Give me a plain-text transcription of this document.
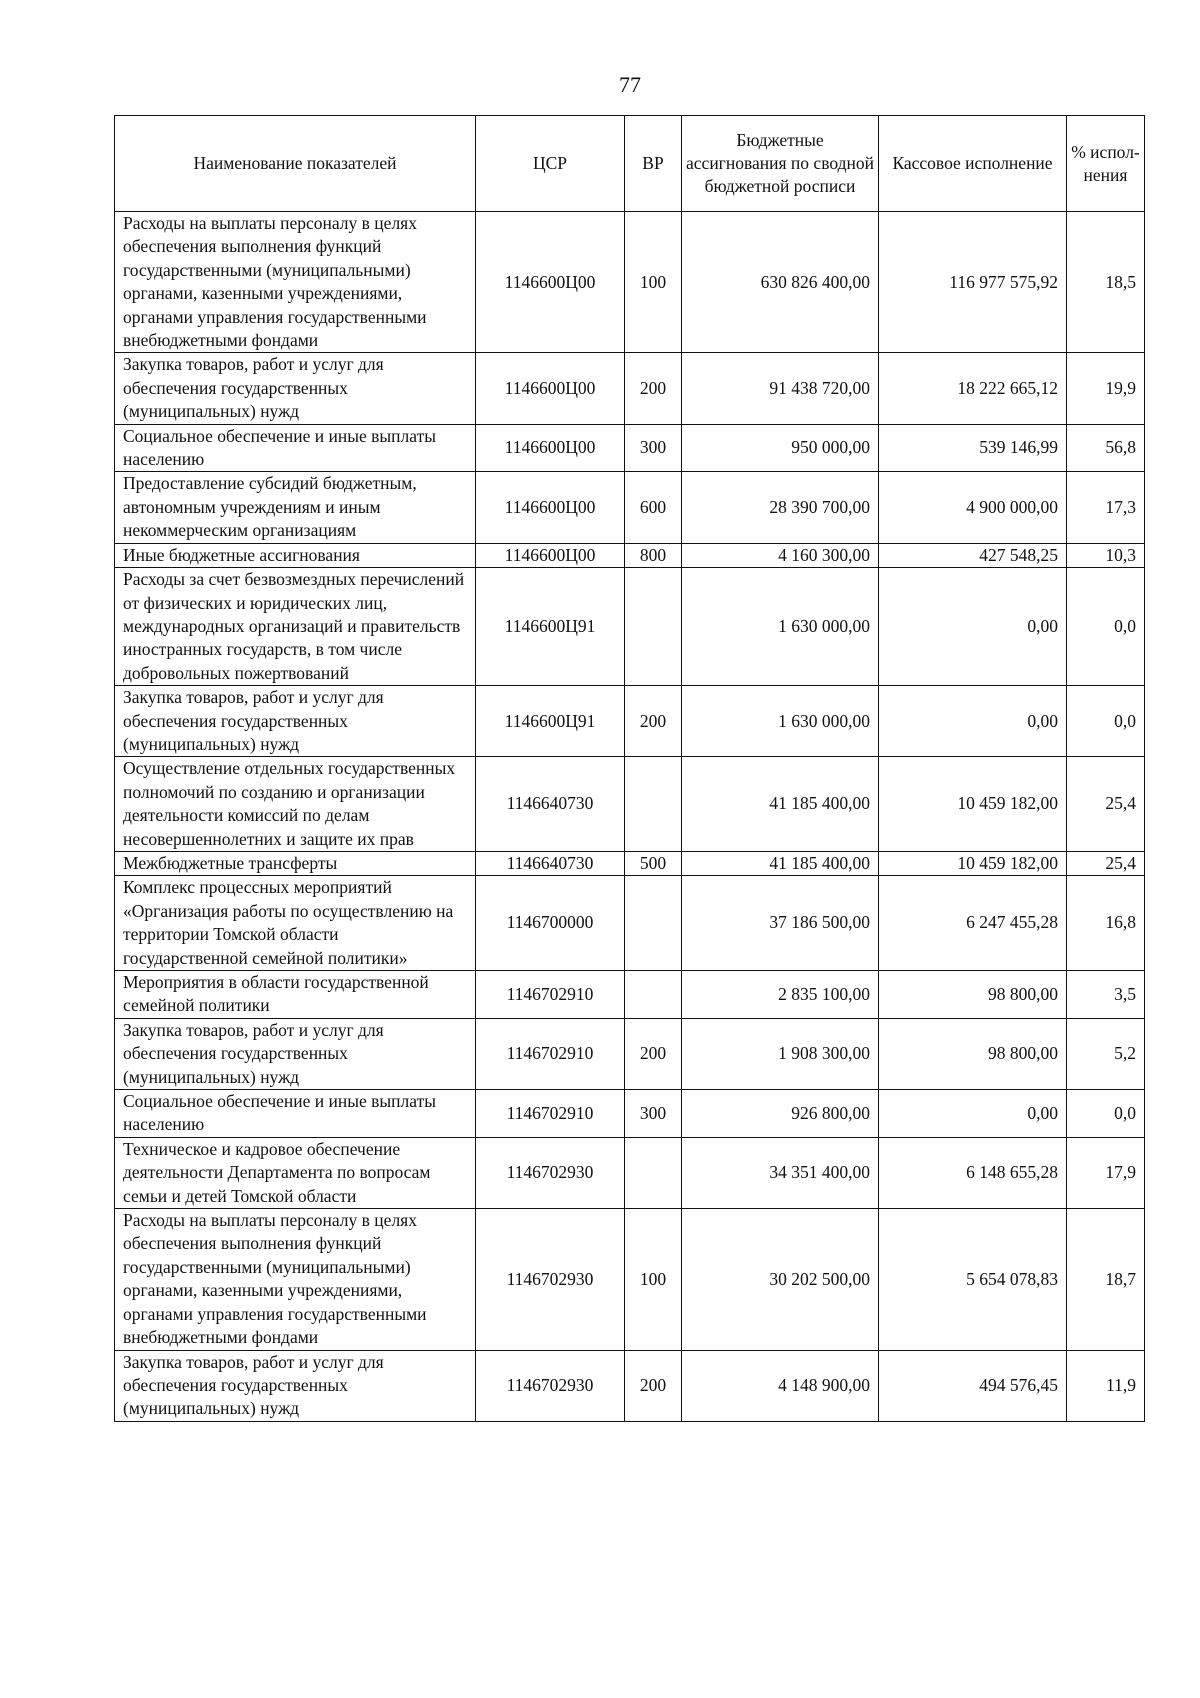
77
Наименование показателей	ЦСР	ВР	Бюджетные ассигнования по сводной бюджетной росписи	Кассовое исполнение	% испол-нения
Расходы на выплаты персоналу в целях обеспечения выполнения функций государственными (муниципальными) органами, казенными учреждениями, органами управления государственными внебюджетными фондами	1146600Ц00	100	630 826 400,00	116 977 575,92	18,5
Закупка товаров, работ и услуг для обеспечения государственных (муниципальных) нужд	1146600Ц00	200	91 438 720,00	18 222 665,12	19,9
Социальное обеспечение и иные выплаты населению	1146600Ц00	300	950 000,00	539 146,99	56,8
Предоставление субсидий бюджетным, автономным учреждениям и иным некоммерческим организациям	1146600Ц00	600	28 390 700,00	4 900 000,00	17,3
Иные бюджетные ассигнования	1146600Ц00	800	4 160 300,00	427 548,25	10,3
Расходы за счет безвозмездных перечислений от физических и юридических лиц, международных организаций и правительств иностранных государств, в том числе добровольных пожертвований	1146600Ц91		1 630 000,00	0,00	0,0
Закупка товаров, работ и услуг для обеспечения государственных (муниципальных) нужд	1146600Ц91	200	1 630 000,00	0,00	0,0
Осуществление отдельных государственных полномочий по созданию и организации деятельности комиссий по делам несовершеннолетних и защите их прав	1146640730		41 185 400,00	10 459 182,00	25,4
Межбюджетные трансферты	1146640730	500	41 185 400,00	10 459 182,00	25,4
Комплекс процессных мероприятий «Организация работы по осуществлению на территории Томской области государственной семейной политики»	1146700000		37 186 500,00	6 247 455,28	16,8
Мероприятия в области государственной семейной политики	1146702910		2 835 100,00	98 800,00	3,5
Закупка товаров, работ и услуг для обеспечения государственных (муниципальных) нужд	1146702910	200	1 908 300,00	98 800,00	5,2
Социальное обеспечение и иные выплаты населению	1146702910	300	926 800,00	0,00	0,0
Техническое и кадровое обеспечение деятельности Департамента по вопросам семьи и детей Томской области	1146702930		34 351 400,00	6 148 655,28	17,9
Расходы на выплаты персоналу в целях обеспечения выполнения функций государственными (муниципальными) органами, казенными учреждениями, органами управления государственными внебюджетными фондами	1146702930	100	30 202 500,00	5 654 078,83	18,7
Закупка товаров, работ и услуг для обеспечения государственных (муниципальных) нужд	1146702930	200	4 148 900,00	494 576,45	11,9
